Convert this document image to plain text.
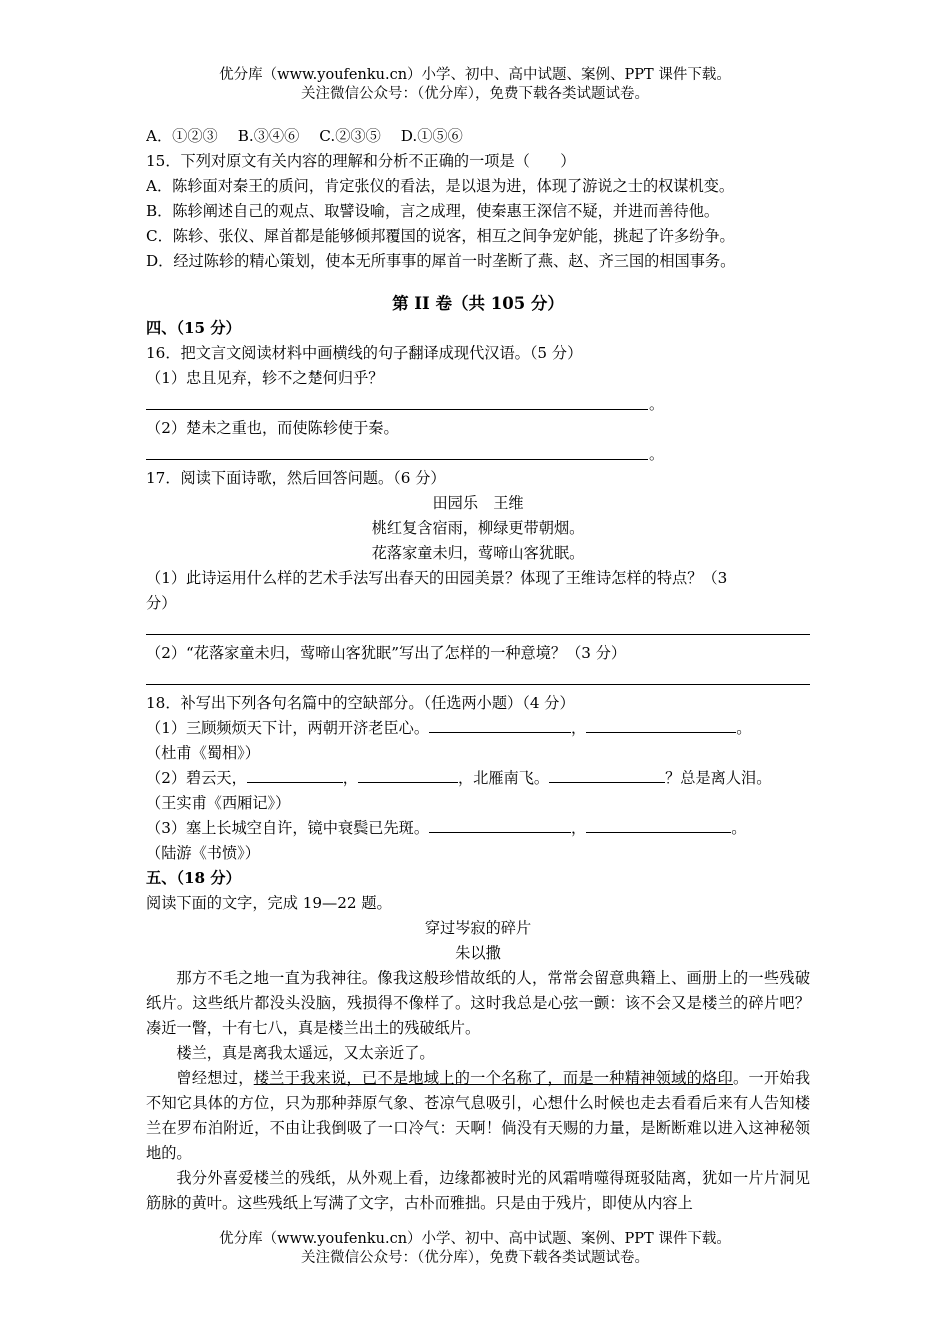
优分库（www.youfenku.cn）小学、初中、高中试题、案例、PPT 课件下载。
关注微信公众号：（优分库），免费下载各类试题试卷。
A．①②③　 B.③④⑥　 C.②③⑤　 D.①⑤⑥
15．下列对原文有关内容的理解和分析不正确的一项是（　　）
A．陈轸面对秦王的质问，肯定张仪的看法，是以退为进，体现了游说之士的权谋机变。
B．陈轸阐述自己的观点、取譬设喻，言之成理，使秦惠王深信不疑，并进而善待他。
C．陈轸、张仪、犀首都是能够倾邦覆国的说客，相互之间争宠妒能，挑起了许多纷争。
D．经过陈轸的精心策划，使本无所事事的犀首一时垄断了燕、赵、齐三国的相国事务。
第 II 卷（共 105 分）
四、（15 分）
16．把文言文阅读材料中画横线的句子翻译成现代汉语。（5 分）
（1）忠且见弃，轸不之楚何归乎？
。
（2）楚未之重也，而使陈轸使于秦。
。
17．阅读下面诗歌，然后回答问题。（6 分）
田园乐　王维
桃红复含宿雨，柳绿更带朝烟。
花落家童未归，莺啼山客犹眠。
（1）此诗运用什么样的艺术手法写出春天的田园美景？体现了王维诗怎样的特点？（3
分）
（2）“花落家童未归，莺啼山客犹眠”写出了怎样的一种意境？（3 分）
18．补写出下列各句名篇中的空缺部分。（任选两小题）（4 分）
（1）三顾频烦天下计，两朝开济老臣心。	，	。
（杜甫《蜀相》）
（2）碧云天，	，	，北雁南飞。	？总是离人泪。
（王实甫《西厢记》）
（3）塞上长城空自许，镜中衰鬓已先斑。	，	。
（陆游《书愤》）
五、（18 分）
阅读下面的文字，完成 19—22 题。
穿过岑寂的碎片
朱以撒
那方不毛之地一直为我神往。像我这般珍惜故纸的人，常常会留意典籍上、画册上的一些残破纸片。这些纸片都没头没脑，残损得不像样了。这时我总是心弦一颤：该不会又是楼兰的碎片吧？凑近一瞥，十有七八，真是楼兰出土的残破纸片。
楼兰，真是离我太遥远，又太亲近了。
曾经想过，楼兰于我来说，已不是地域上的一个名称了，而是一种精神领域的烙印。一开始我不知它具体的方位，只为那种莽原气象、苍凉气息吸引，心想什么时候也走去看看后来有人告知楼兰在罗布泊附近，不由让我倒吸了一口冷气：天啊！倘没有天赐的力量，是断断难以进入这神秘领地的。
我分外喜爱楼兰的残纸，从外观上看，边缘都被时光的风霜啃噬得斑驳陆离，犹如一片片洞见筋脉的黄叶。这些残纸上写满了文字，古朴而雅拙。只是由于残片，即使从内容上
优分库（www.youfenku.cn）小学、初中、高中试题、案例、PPT 课件下载。
关注微信公众号：（优分库），免费下载各类试题试卷。
